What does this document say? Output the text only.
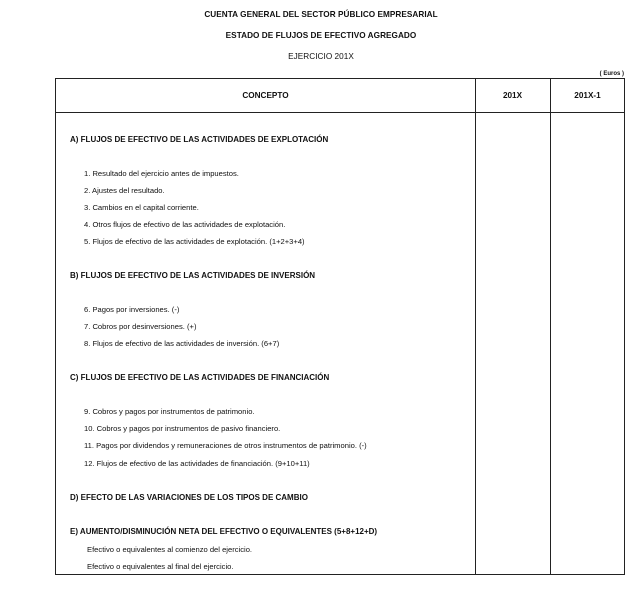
CUENTA GENERAL DEL SECTOR PÚBLICO EMPRESARIAL
ESTADO DE FLUJOS DE EFECTIVO AGREGADO
EJERCICIO 201X
( Euros )
CONCEPTO	201X	201X-1
A) FLUJOS DE EFECTIVO DE LAS ACTIVIDADES DE EXPLOTACIÓN
1. Resultado del ejercicio antes de impuestos.
2. Ajustes del resultado.
3. Cambios en el capital corriente.
4. Otros flujos de efectivo de las actividades de explotación.
5. Flujos de efectivo de las actividades de explotación. (1+2+3+4)
B) FLUJOS DE EFECTIVO DE LAS ACTIVIDADES DE INVERSIÓN
6. Pagos por inversiones. (-)
7. Cobros por desinversiones. (+)
8. Flujos de efectivo de las actividades de inversión. (6+7)
C) FLUJOS DE EFECTIVO DE LAS ACTIVIDADES DE FINANCIACIÓN
9. Cobros y pagos por instrumentos de patrimonio.
10. Cobros y pagos por instrumentos de pasivo financiero.
11. Pagos por dividendos y remuneraciones de otros instrumentos de patrimonio. (-)
12. Flujos de efectivo de las actividades de financiación. (9+10+11)
D) EFECTO DE LAS VARIACIONES DE LOS TIPOS DE CAMBIO
E) AUMENTO/DISMINUCIÓN NETA DEL EFECTIVO O EQUIVALENTES (5+8+12+D)
Efectivo o equivalentes al comienzo del ejercicio.
Efectivo o equivalentes al final del ejercicio.
